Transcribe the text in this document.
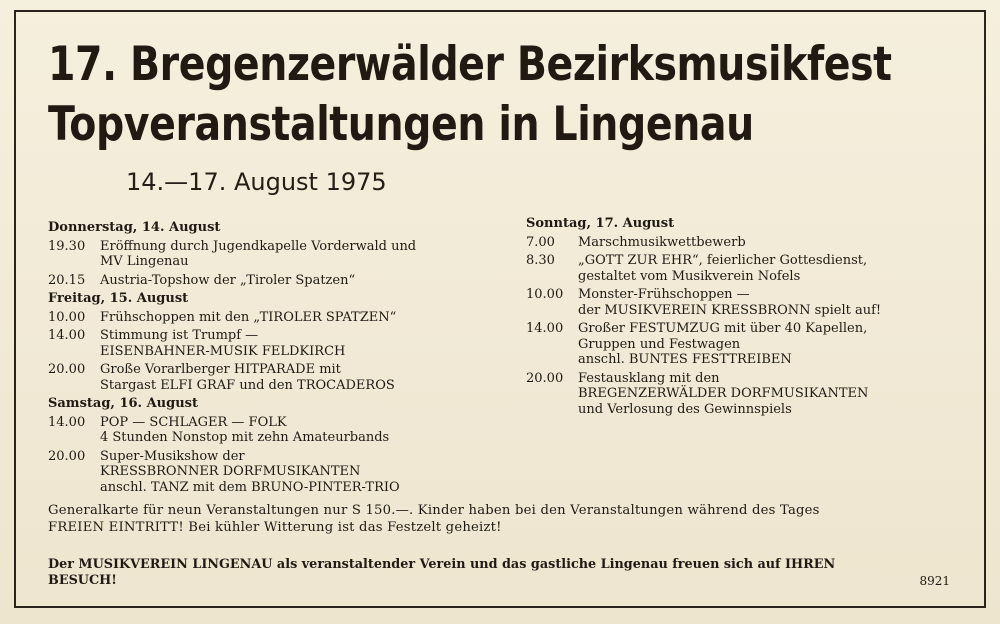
17. Bregenzerwälder Bezirksmusikfest
Topveranstaltungen in Lingenau
14.—17. August 1975
Donnerstag, 14. August
19.30 Eröffnung durch Jugendkapelle Vorderwald und
MV Lingenau
20.15 Austria-Topshow der „Tiroler Spatzen“
Freitag, 15. August
10.00 Frühschoppen mit den „TIROLER SPATZEN“
14.00 Stimmung ist Trumpf —
EISENBAHNER-MUSIK FELDKIRCH
20.00 Große Vorarlberger HITPARADE mit
Stargast ELFI GRAF und den TROCADEROS
Samstag, 16. August
14.00 POP — SCHLAGER — FOLK
4 Stunden Nonstop mit zehn Amateurbands
20.00 Super-Musikshow der
KRESSBRONNER DORFMUSIKANTEN
anschl. TANZ mit dem BRUNO-PINTER-TRIO
Sonntag, 17. August
7.00 Marschmusikwettbewerb
8.30 „GOTT ZUR EHR“, feierlicher Gottesdienst,
gestaltet vom Musikverein Nofels
10.00 Monster-Frühschoppen —
der MUSIKVEREIN KRESSBRONN spielt auf!
14.00 Großer FESTUMZUG mit über 40 Kapellen,
Gruppen und Festwagen
anschl. BUNTES FESTTREIBEN
20.00 Festausklang mit den
BREGENZERWÄLDER DORFMUSIKANTEN
und Verlosung des Gewinnspiels
Generalkarte für neun Veranstaltungen nur S 150.—. Kinder haben bei den Veranstaltungen während des Tages
FREIEN EINTRITT! Bei kühler Witterung ist das Festzelt geheizt!
Der MUSIKVEREIN LINGENAU als veranstaltender Verein und das gastliche Lingenau freuen sich auf IHREN
BESUCH!	8921
